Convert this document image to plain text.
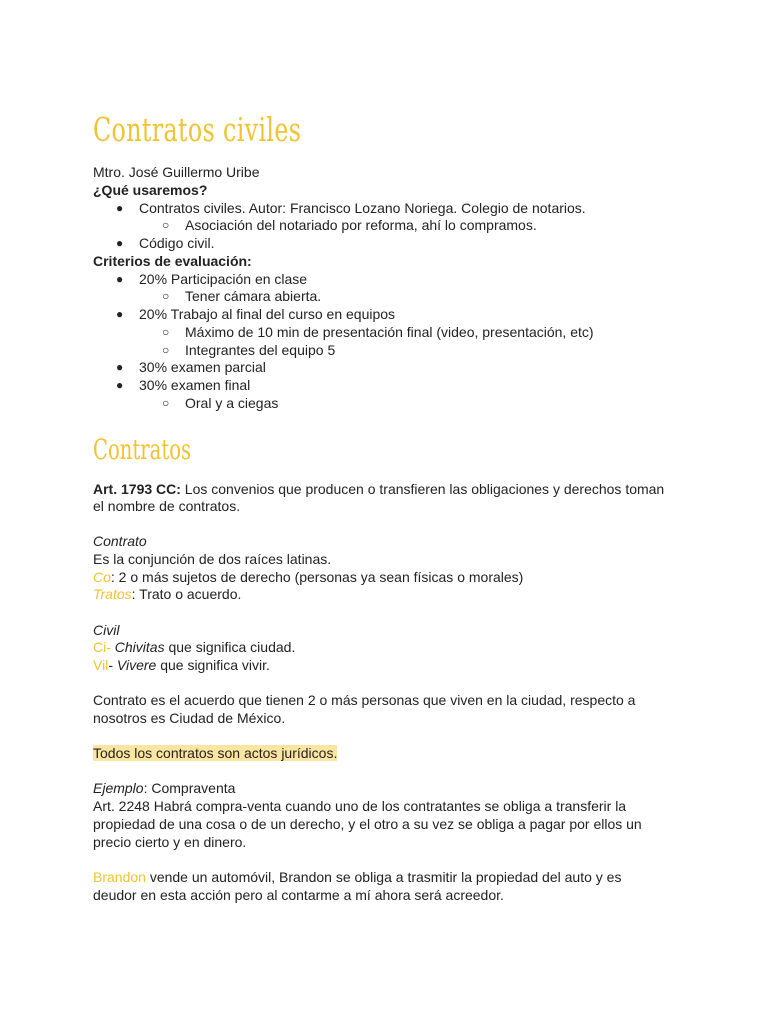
Contratos civiles
Mtro. José Guillermo Uribe
¿Qué usaremos?
● Contratos civiles. Autor: Francisco Lozano Noriega. Colegio de notarios.
○ Asociación del notariado por reforma, ahí lo compramos.
● Código civil.
Criterios de evaluación:
● 20% Participación en clase
○ Tener cámara abierta.
● 20% Trabajo al final del curso en equipos
○ Máximo de 10 min de presentación final (video, presentación, etc)
○ Integrantes del equipo 5
● 30% examen parcial
● 30% examen final
○ Oral y a ciegas
Contratos
Art. 1793 CC: Los convenios que producen o transfieren las obligaciones y derechos toman
el nombre de contratos.
Contrato
Es la conjunción de dos raíces latinas.
Co: 2 o más sujetos de derecho (personas ya sean físicas o morales)
Tratos: Trato o acuerdo.
Civil
Ci- Chivitas que significa ciudad.
Vil- Vivere que significa vivir.
Contrato es el acuerdo que tienen 2 o más personas que viven en la ciudad, respecto a
nosotros es Ciudad de México.
Todos los contratos son actos jurídicos.
Ejemplo: Compraventa
Art. 2248 Habrá compra-venta cuando uno de los contratantes se obliga a transferir la
propiedad de una cosa o de un derecho, y el otro a su vez se obliga a pagar por ellos un
precio cierto y en dinero.
Brandon vende un automóvil, Brandon se obliga a trasmitir la propiedad del auto y es
deudor en esta acción pero al contarme a mí ahora será acreedor.
